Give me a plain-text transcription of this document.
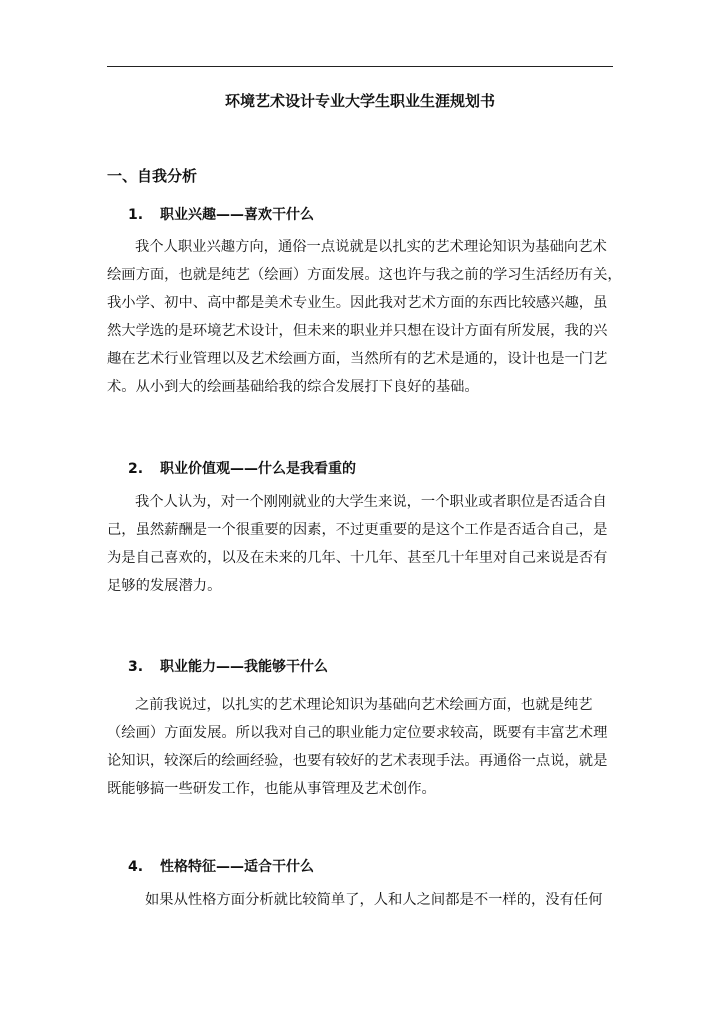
环境艺术设计专业大学生职业生涯规划书
一、自我分析
1. 职业兴趣——喜欢干什么
我个人职业兴趣方向，通俗一点说就是以扎实的艺术理论知识为基础向艺术
绘画方面，也就是纯艺（绘画）方面发展。这也许与我之前的学习生活经历有关，
我小学、初中、高中都是美术专业生。因此我对艺术方面的东西比较感兴趣，虽
然大学选的是环境艺术设计，但未来的职业并只想在设计方面有所发展，我的兴
趣在艺术行业管理以及艺术绘画方面，当然所有的艺术是通的，设计也是一门艺
术。从小到大的绘画基础给我的综合发展打下良好的基础。
2. 职业价值观——什么是我看重的
我个人认为，对一个刚刚就业的大学生来说，一个职业或者职位是否适合自
己，虽然薪酬是一个很重要的因素，不过更重要的是这个工作是否适合自己，是
为是自己喜欢的，以及在未来的几年、十几年、甚至几十年里对自己来说是否有
足够的发展潜力。
3. 职业能力——我能够干什么
之前我说过，以扎实的艺术理论知识为基础向艺术绘画方面，也就是纯艺
（绘画）方面发展。所以我对自己的职业能力定位要求较高，既要有丰富艺术理
论知识，较深后的绘画经验，也要有较好的艺术表现手法。再通俗一点说，就是
既能够搞一些研发工作，也能从事管理及艺术创作。
4. 性格特征——适合干什么
如果从性格方面分析就比较简单了，人和人之间都是不一样的，没有任何
